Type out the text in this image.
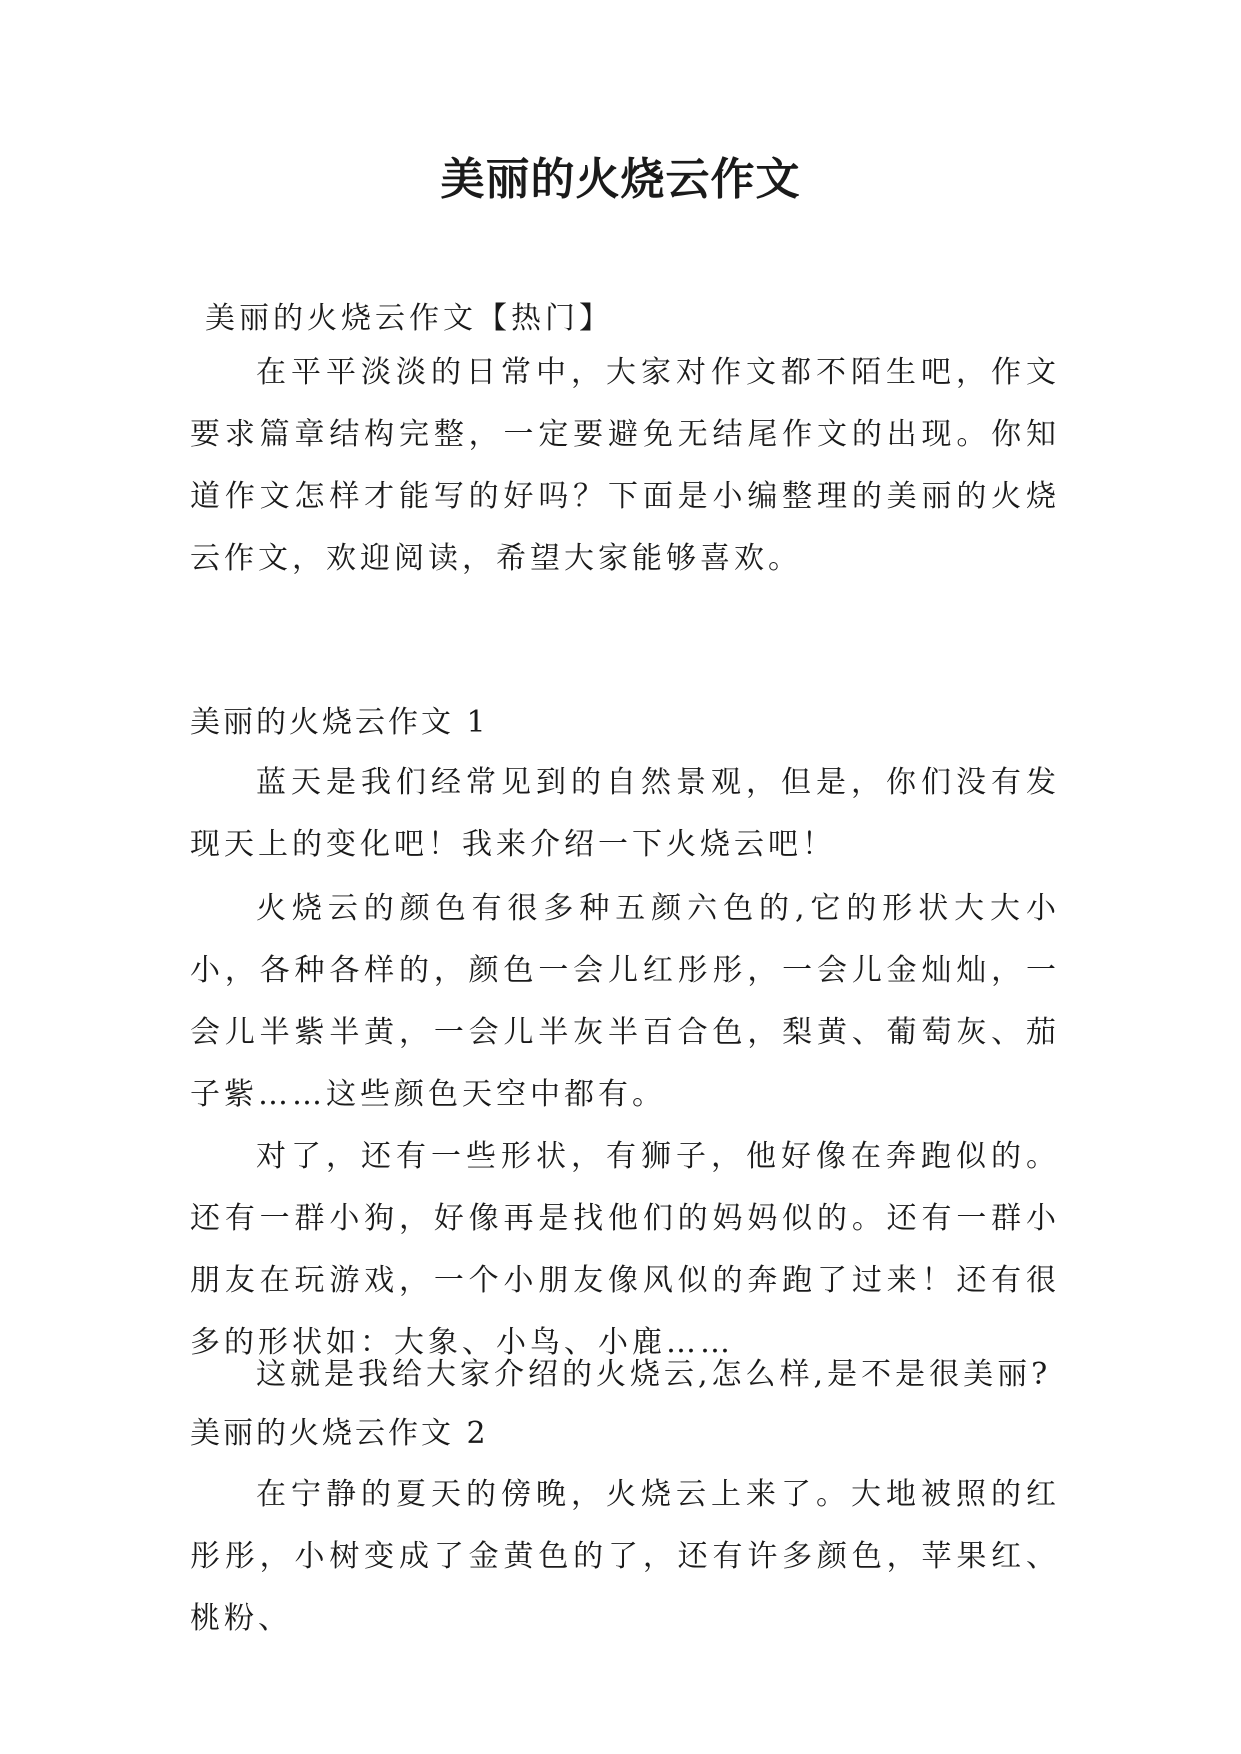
美丽的火烧云作文

美丽的火烧云作文【热门】

在平平淡淡的日常中，大家对作文都不陌生吧，作文要求篇章结构完整，一定要避免无结尾作文的出现。你知道作文怎样才能写的好吗？下面是小编整理的美丽的火烧云作文，欢迎阅读，希望大家能够喜欢。

美丽的火烧云作文 1

蓝天是我们经常见到的自然景观，但是，你们没有发现天上的变化吧！我来介绍一下火烧云吧！

火烧云的颜色有很多种五颜六色的,它的形状大大小小，各种各样的，颜色一会儿红彤彤，一会儿金灿灿，一会儿半紫半黄，一会儿半灰半百合色，梨黄、葡萄灰、茄子紫……这些颜色天空中都有。

对了，还有一些形状，有狮子，他好像在奔跑似的。还有一群小狗，好像再是找他们的妈妈似的。还有一群小朋友在玩游戏，一个小朋友像风似的奔跑了过来！还有很多的形状如：大象、小鸟、小鹿……

这就是我给大家介绍的火烧云,怎么样,是不是很美丽?

美丽的火烧云作文 2

在宁静的夏天的傍晚，火烧云上来了。大地被照的红彤彤，小树变成了金黄色的了，还有许多颜色，苹果红、桃粉、
